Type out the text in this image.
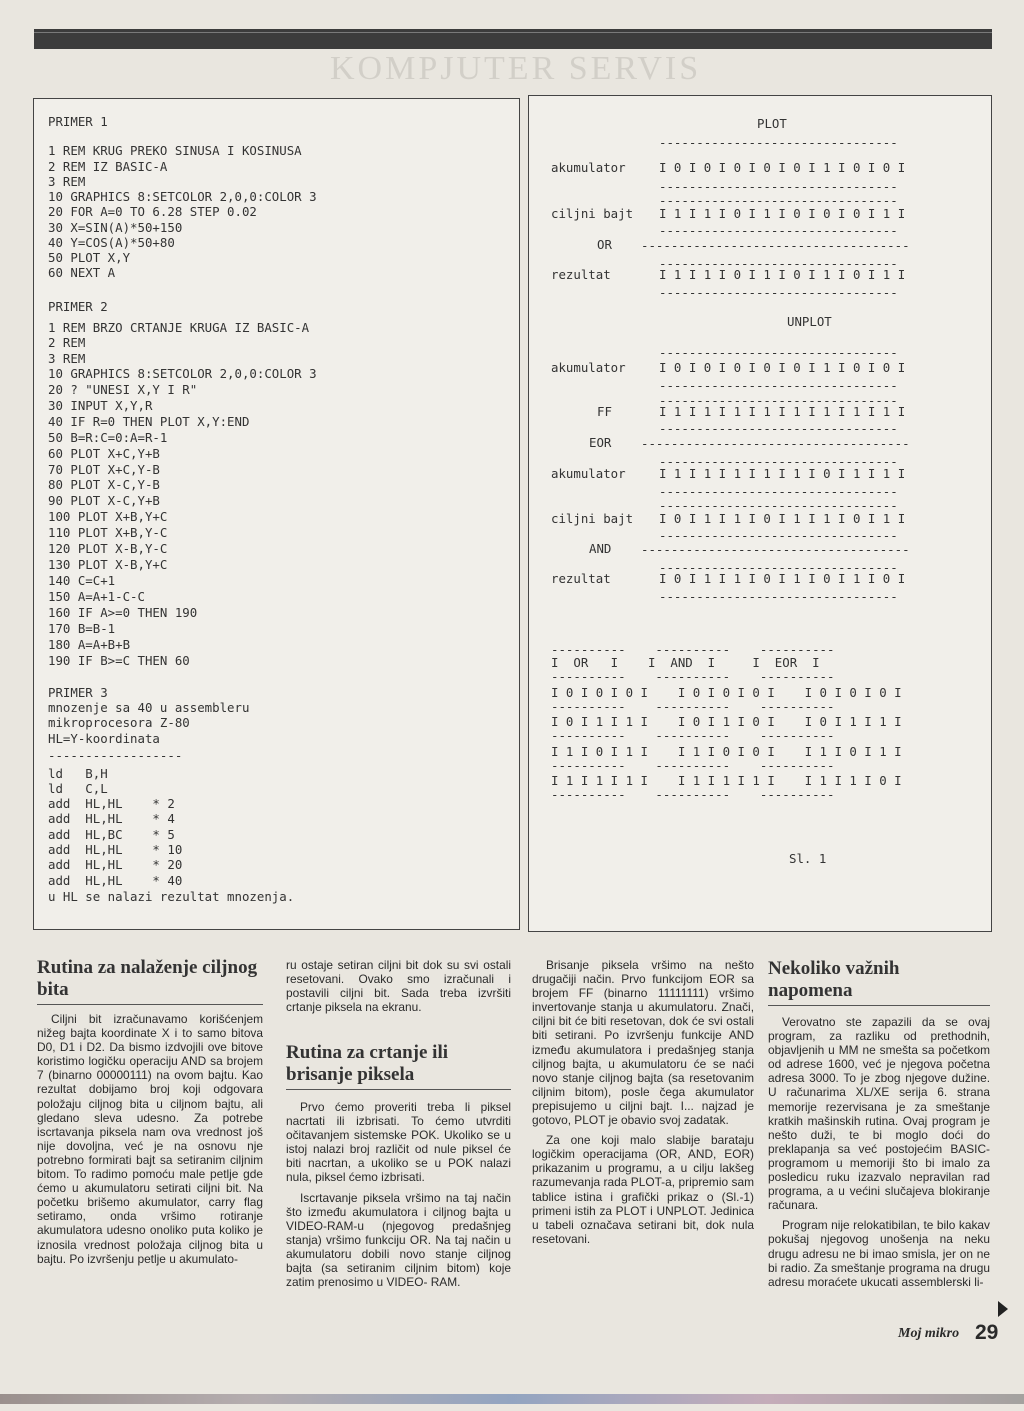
KOMPJUTER SERVIS
PRIMER 1
1 REM KRUG PREKO SINUSA I KOSINUSA
2 REM IZ BASIC-A
3 REM
10 GRAPHICS 8:SETCOLOR 2,0,0:COLOR 3
20 FOR A=0 TO 6.28 STEP 0.02
30 X=SIN(A)*50+150
40 Y=COS(A)*50+80
50 PLOT X,Y
60 NEXT A
PRIMER 2
1 REM BRZO CRTANJE KRUGA IZ BASIC-A
2 REM
3 REM
10 GRAPHICS 8:SETCOLOR 2,0,0:COLOR 3
20 ? "UNESI X,Y I R"
30 INPUT X,Y,R
40 IF R=0 THEN PLOT X,Y:END
50 B=R:C=0:A=R-1
60 PLOT X+C,Y+B
70 PLOT X+C,Y-B
80 PLOT X-C,Y-B
90 PLOT X-C,Y+B
100 PLOT X+B,Y+C
110 PLOT X+B,Y-C
120 PLOT X-B,Y-C
130 PLOT X-B,Y+C
140 C=C+1
150 A=A+1-C-C
160 IF A>=0 THEN 190
170 B=B-1
180 A=A+B+B
190 IF B>=C THEN 60
PRIMER 3
mnozenje sa 40 u assembleru
mikroprocesora Z-80
HL=Y-koordinata
------------------
ld   B,H
ld   C,L
add  HL,HL    * 2
add  HL,HL    * 4
add  HL,BC    * 5
add  HL,HL    * 10
add  HL,HL    * 20
add  HL,HL    * 40
u HL se nalazi rezultat mnozenja.
PLOT
--------------------------------
akumulator	I 0 I 0 I 0 I 0 I 0 I 1 I 0 I 0 I
--------------------------------
--------------------------------
ciljni bajt I 1 I 1 I 0 I 1 I 0 I 0 I 0 I 1 I
--------------------------------
OR ------------------------------------
--------------------------------
rezultat	I 1 I 1 I 0 I 1 I 0 I 1 I 0 I 1 I
--------------------------------
UNPLOT
--------------------------------
akumulator	I 0 I 0 I 0 I 0 I 0 I 1 I 0 I 0 I
--------------------------------
--------------------------------
FF	I 1 I 1 I 1 I 1 I 1 I 1 I 1 I 1 I
--------------------------------
EOR ------------------------------------
--------------------------------
akumulator	I 1 I 1 I 1 I 1 I 1 I 0 I 1 I 1 I
--------------------------------
--------------------------------
ciljni bajt I 0 I 1 I 1 I 0 I 1 I 1 I 0 I 1 I
--------------------------------
AND ------------------------------------
--------------------------------
rezultat	I 0 I 1 I 1 I 0 I 1 I 0 I 1 I 0 I
--------------------------------
----------    ----------    ----------
I  OR   I    I  AND  I     I  EOR  I
----------    ----------    ----------
I 0 I 0 I 0 I    I 0 I 0 I 0 I    I 0 I 0 I 0 I
----------    ----------    ----------
I 0 I 1 I 1 I    I 0 I 1 I 0 I    I 0 I 1 I 1 I
----------    ----------    ----------
I 1 I 0 I 1 I    I 1 I 0 I 0 I    I 1 I 0 I 1 I
----------    ----------    ----------
I 1 I 1 I 1 I    I 1 I 1 I 1 I    I 1 I 1 I 0 I
----------    ----------    ----------
Sl. 1
Rutina za nalaženje ciljnog bita

Ciljni bit izračunavamo korišćenjem nižeg bajta koordinate X i to samo bitova D0, D1 i D2. Da bismo izdvojili ove bitove koristimo logičku operaciju AND sa brojem 7 (binarno 00000111) na ovom bajtu. Kao rezultat dobijamo broj koji odgovara položaju ciljnog bita u ciljnom bajtu, ali gledano sleva udesno. Za potrebe iscrtavanja piksela nam ova vrednost još nije dovoljna, već je na osnovu nje potrebno formirati bajt sa setiranim ciljnim bitom. To radimo pomoću male petlje gde ćemo u akumulatoru setirati ciljni bit. Na početku brišemo akumulator, carry flag setiramo, onda vršimo rotiranje akumulatora udesno onoliko puta koliko je iznosila vrednost položaja ciljnog bita u bajtu. Po izvršenju petlje u akumulato-

ru ostaje setiran ciljni bit dok su svi ostali resetovani. Ovako smo izračunali i postavili ciljni bit. Sada treba izvršiti crtanje piksela na ekranu.

Rutina za crtanje ili brisanje piksela

Prvo ćemo proveriti treba li piksel nacrtati ili izbrisati. To ćemo utvrditi očitavanjem sistemske POK. Ukoliko se u istoj nalazi broj različit od nule piksel će biti nacrtan, a ukoliko se u POK nalazi nula, piksel ćemo izbrisati.

Iscrtavanje piksela vršimo na taj način što između akumulatora i ciljnog bajta u VIDEO-RAM-u (njegovog predašnjeg stanja) vršimo funkciju OR. Na taj način u akumulatoru dobili novo stanje ciljnog bajta (sa setiranim ciljnim bitom) koje zatim prenosimo u VIDEO- RAM.

Brisanje piksela vršimo na nešto drugačiji način. Prvo funkcijom EOR sa brojem FF (binarno 11111111) vršimo invertovanje stanja u akumulatoru. Znači, ciljni bit će biti resetovan, dok će svi ostali biti setirani. Po izvršenju funkcije AND između akumulatora i predašnjeg stanja ciljnog bajta, u akumulatoru će se naći novo stanje ciljnog bajta (sa resetovanim ciljnim bitom), posle čega akumulator prepisujemo u ciljni bajt. I... najzad je gotovo, PLOT je obavio svoj zadatak.

Za one koji malo slabije barataju logičkim operacijama (OR, AND, EOR) prikazanim u programu, a u cilju lakšeg razumevanja rada PLOT-a, pripremio sam tablice istina i grafički prikaz o (Sl.-1) primeni istih za PLOT i UNPLOT. Jedinica u tabeli označava setirani bit, dok nula resetovani.

Nekoliko važnih napomena

Verovatno ste zapazili da se ovaj program, za razliku od prethodnih, objavljenih u MM ne smešta sa početkom od adrese 1600, već je njegova početna adresa 3000. To je zbog njegove dužine. U računarima XL/XE serija 6. strana memorije rezervisana je za smeštanje kratkih mašinskih rutina. Ovaj program je nešto duži, te bi moglo doći do preklapanja sa već postojećim BASIC-programom u memoriji što bi imalo za posledicu ruku izazvalo nepravilan rad programa, a u većini slučajeva blokiranje računara.

Program nije relokatibilan, te bilo kakav pokušaj njegovog unošenja na neku drugu adresu ne bi imao smisla, jer on ne bi radio. Za smeštanje programa na drugu adresu moraćete ukucati assemblerski li-

Moj mikro 29
